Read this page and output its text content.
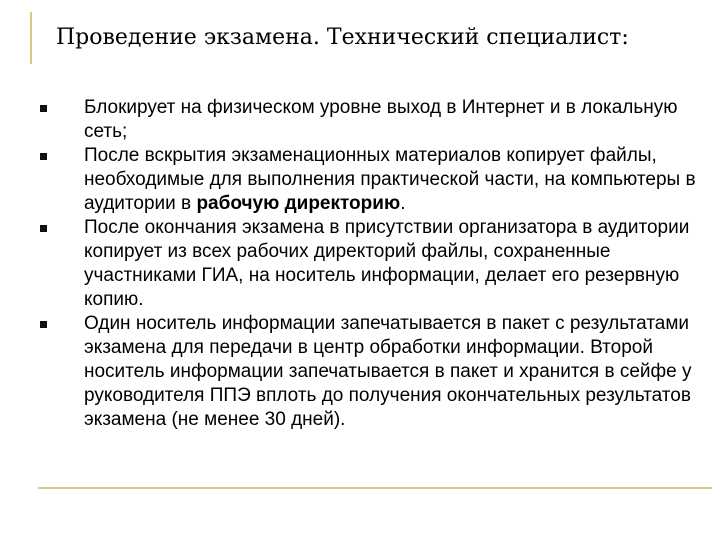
Проведение экзамена. Технический специалист:
Блокирует на физическом уровне выход в Интернет и в локальную сеть;
После вскрытия экзаменационных материалов копирует файлы, необходимые для выполнения практической части, на компьютеры в аудитории в рабочую директорию.
После окончания экзамена в присутствии организатора в аудитории копирует из всех рабочих директорий файлы, сохраненные участниками ГИА, на носитель информации, делает его резервную копию.
Один носитель информации запечатывается в пакет с результатами экзамена для передачи в центр обработки информации. Второй носитель информации запечатывается в пакет и хранится в сейфе у руководителя ППЭ вплоть до получения окончательных результатов экзамена (не менее 30 дней).
